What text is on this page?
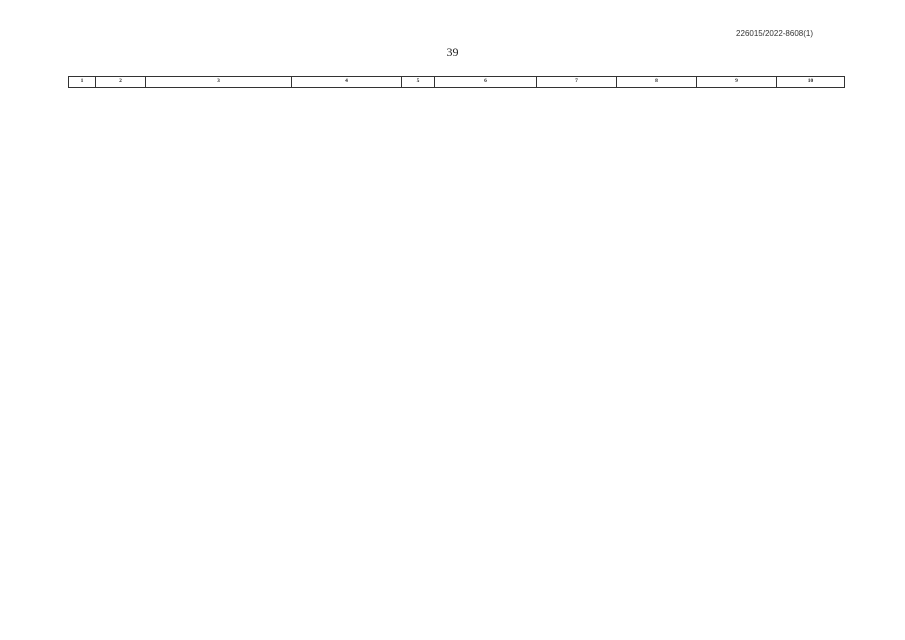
226015/2022-8608(1)
39
1	2	3	4	5	6	7	8	9	10
